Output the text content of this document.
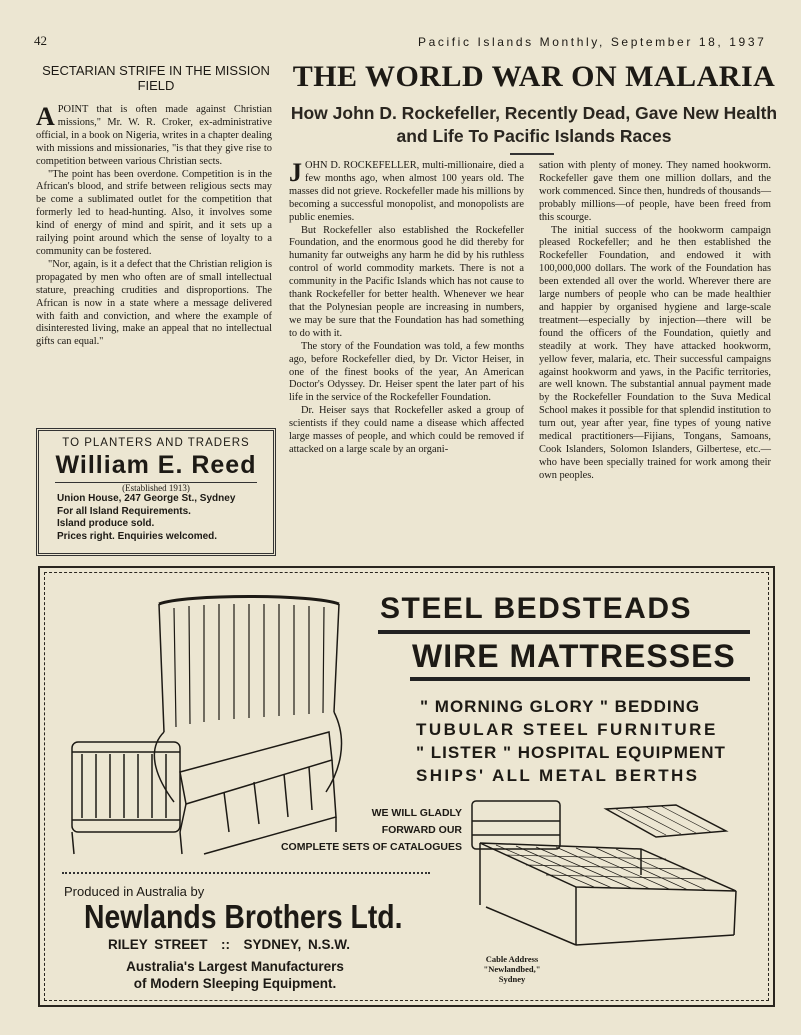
42	Pacific Islands Monthly, September 18, 1937
SECTARIAN STRIFE IN THE MISSION FIELD

APOINT that is often made against Christian missions," Mr. W. R. Croker, ex-administrative official, in a book on Nigeria, writes in a chapter dealing with missions and missionaries, "is that they give rise to competition between various Christian sects.

"The point has been overdone. Competition is in the African's blood, and strife between religious sects may be come a sublimated outlet for the competition that formerly led to head-hunting. Also, it involves some kind of energy of mind and spirit, and it sets up a railying point around which the sense of loyalty to a community can be fostered.

"Nor, again, is it a defect that the Christian religion is propagated by men who often are of small intellectual stature, preaching crudities and disproportions. The African is now in a state where a message delivered with faith and conviction, and where the example of disinterested living, make an appeal that no intellectual gifts can equal."

TO PLANTERS AND TRADERS
William E. Reed
(Established 1913)
Union House, 247 George St., Sydney
For all Island Requirements.
Island produce sold.
Prices right. Enquiries welcomed.
THE WORLD WAR ON MALARIA
How John D. Rockefeller, Recently Dead, Gave New Health and Life To Pacific Islands Races

JOHN D. ROCKEFELLER, multi-millionaire, died a few months ago, when almost 100 years old. The masses did not grieve. Rockefeller made his millions by becoming a successful monopolist, and monopolists are public enemies.

But Rockefeller also established the Rockefeller Foundation, and the enormous good he did thereby for humanity far outweighs any harm he did by his ruthless control of world commodity markets. There is not a community in the Pacific Islands which has not cause to thank Rockefeller for better health. Whenever we hear that the Polynesian people are increasing in numbers, we may be sure that the Foundation has had something to do with it.

The story of the Foundation was told, a few months ago, before Rockefeller died, by Dr. Victor Heiser, in one of the finest books of the year, An American Doctor's Odyssey. Dr. Heiser spent the later part of his life in the service of the Rockefeller Foundation.

Dr. Heiser says that Rockefeller asked a group of scientists if they could name a disease which affected large masses of people, and which could be removed if attacked on a large scale by an organi-

sation with plenty of money. They named hookworm. Rockefeller gave them one million dollars, and the work commenced. Since then, hundreds of thousands—probably millions—of people, have been freed from this scourge.

The initial success of the hookworm campaign pleased Rockefeller; and he then established the Rockefeller Foundation, and endowed it with 100,000,000 dollars. The work of the Foundation has been extended all over the world. Wherever there are large numbers of people who can be made healthier and happier by organised hygiene and large-scale treatment—especially by injection—there will be found the officers of the Foundation, quietly and steadily at work. They have attacked hookworm, yellow fever, malaria, etc. Their successful campaigns against hookworm and yaws, in the Pacific territories, are well known. The substantial annual payment made by the Rockefeller Foundation to the Suva Medical School makes it possible for that splendid institution to turn out, year after year, fine types of young native medical practitioners—Fijians, Tongans, Samoans, Cook Islanders, Solomon Islanders, Gilbertese, etc.—who have been specially trained for work among their own peoples.

STEEL BEDSTEADS
WIRE MATTRESSES
" MORNING GLORY " BEDDING
TUBULAR STEEL FURNITURE
" LISTER " HOSPITAL EQUIPMENT
SHIPS' ALL METAL BERTHS
WE WILL GLADLY
FORWARD OUR
COMPLETE SETS OF CATALOGUES
Produced in Australia by
Newlands Brothers Ltd.
RILEY STREET  ::  SYDNEY, N.S.W.
Australia's Largest Manufacturers
of Modern Sleeping Equipment.
Cable Address
"Newlandbed,"
Sydney
